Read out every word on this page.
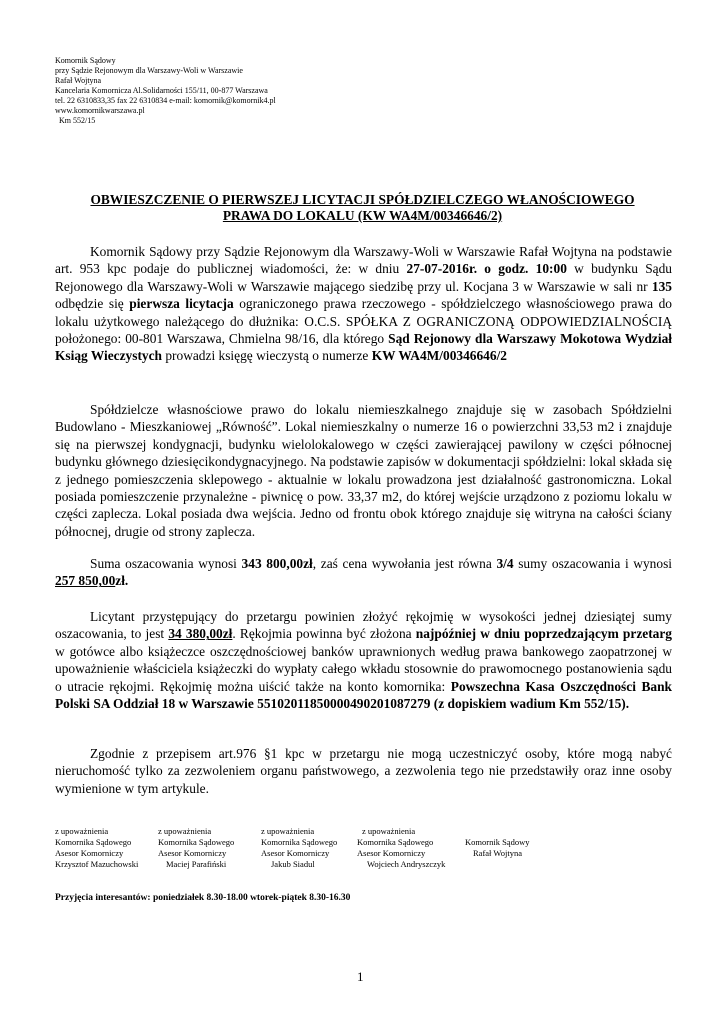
Komornik Sądowy
przy Sądzie Rejonowym dla Warszawy-Woli w Warszawie
Rafał Wojtyna
Kancelaria Komornicza Al.Solidarności 155/11, 00-877 Warszawa
tel. 22 6310833,35 fax 22 6310834 e-mail: komornik@komornik4.pl
www.komornikwarszawa.pl
Km 552/15
OBWIESZCZENIE O PIERWSZEJ LICYTACJI SPÓŁDZIELCZEGO WŁANOŚCIOWEGO
PRAWA DO LOKALU (KW WA4M/00346646/2)
Komornik Sądowy przy Sądzie Rejonowym dla Warszawy-Woli w Warszawie Rafał Wojtyna na podstawie art. 953 kpc podaje do publicznej wiadomości, że: w dniu 27-07-2016r. o godz. 10:00 w budynku Sądu Rejonowego dla Warszawy-Woli w Warszawie mającego siedzibę przy ul. Kocjana 3 w Warszawie w sali nr 135 odbędzie się pierwsza licytacja ograniczonego prawa rzeczowego - spółdzielczego własnościowego prawa do lokalu użytkowego należącego do dłużnika: O.C.S. SPÓŁKA Z OGRANICZONĄ ODPOWIEDZIALNOŚCIĄ położonego: 00-801 Warszawa, Chmielna 98/16, dla którego Sąd Rejonowy dla Warszawy Mokotowa Wydział Ksiąg Wieczystych prowadzi księgę wieczystą o numerze KW WA4M/00346646/2
Spółdzielcze własnościowe prawo do lokalu niemieszkalnego znajduje się w zasobach Spółdzielni Budowlano - Mieszkaniowej „Równość”. Lokal niemieszkalny o numerze 16 o powierzchni 33,53 m2 i znajduje się na pierwszej kondygnacji, budynku wielolokalowego w części zawierającej pawilony w części północnej budynku głównego dziesięcikondygnacyjnego. Na podstawie zapisów w dokumentacji spółdzielni: lokal składa się z jednego pomieszczenia sklepowego - aktualnie w lokalu prowadzona jest działalność gastronomiczna. Lokal posiada pomieszczenie przynależne - piwnicę o pow. 33,37 m2, do której wejście urządzono z poziomu lokalu w części zaplecza. Lokal posiada dwa wejścia. Jedno od frontu obok którego znajduje się witryna na całości ściany północnej, drugie od strony zaplecza.
Suma oszacowania wynosi 343 800,00zł, zaś cena wywołania jest równa 3/4 sumy oszacowania i wynosi 257 850,00zł.
Licytant przystępujący do przetargu powinien złożyć rękojmię w wysokości jednej dziesiątej sumy oszacowania, to jest 34 380,00zł. Rękojmia powinna być złożona najpóźniej w dniu poprzedzającym przetarg w gotówce albo książeczce oszczędnościowej banków uprawnionych według prawa bankowego zaopatrzonej w upoważnienie właściciela książeczki do wypłaty całego wkładu stosownie do prawomocnego postanowienia sądu o utracie rękojmi. Rękojmię można uiścić także na konto komornika: Powszechna Kasa Oszczędności Bank Polski SA Oddział 18 w Warszawie 55102011850000490201087279 (z dopiskiem wadium Km 552/15).
Zgodnie z przepisem art.976 §1 kpc w przetargu nie mogą uczestniczyć osoby, które mogą nabyć nieruchomość tylko za zezwoleniem organu państwowego, a zezwolenia tego nie przedstawiły oraz inne osoby wymienione w tym artykule.
z upoważnienia
Komornika Sądowego
Asesor Komorniczy
Krzysztof Mazuchowski
z upoważnienia
Komornika Sądowego
Asesor Komorniczy
Maciej Parafiński
z upoważnienia
Komornika Sądowego
Asesor Komorniczy
Jakub Siadul
z upoważnienia
Komornika Sądowego
Asesor Komorniczy
Wojciech Andryszczyk

Komornik Sądowy
Rafał Wojtyna
Przyjęcia interesantów: poniedziałek 8.30-18.00 wtorek-piątek 8.30-16.30
1
